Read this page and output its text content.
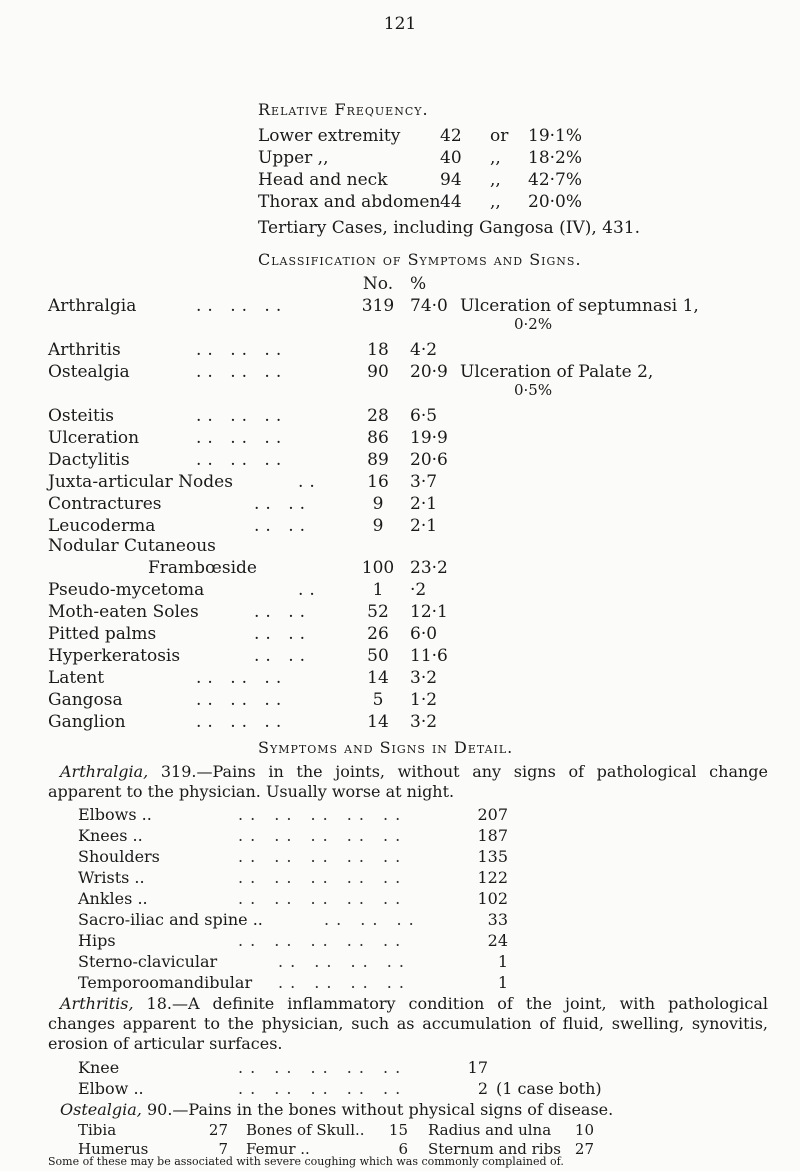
121
Relative Frequency.
Lower extremity 42	or 19·1%
Upper ,,	40	,, 18·2%
Head and neck	94	,, 42·7%
Thorax and abdomen 44	,, 20·0%
Tertiary Cases, including Gangosa (IV), 431.
Classification of Symptoms and Signs.
No. %
Arthralgia	.. .. ..	319 74·0 Ulceration of septumnasi 1,
0·2%
Arthritis	.. .. ..	18	4·2
Ostealgia	.. .. ..	90	20·9 Ulceration of Palate 2,
0·5%
Osteitis	.. .. ..	28	6·5
Ulceration	.. .. ..	86	19·9
Dactylitis	.. .. ..	89	20·6
Juxta-articular Nodes	..	16	3·7
Contractures	.. ..	9	2·1
Leucoderma	.. ..	9	2·1
Nodular Cutaneous
Frambœside	100 23·2
Pseudo-mycetoma	..	1	·2
Moth-eaten Soles	.. ..	52	12·1
Pitted palms	.. ..	26	6·0
Hyperkeratosis	.. ..	50	11·6
Latent	.. .. ..	14	3·2
Gangosa	.. .. ..	5	1·2
Ganglion	.. .. ..	14	3·2
Symptoms and Signs in Detail.
Arthralgia, 319.—Pains in the joints, without any signs of pathological change apparent to the physician. Usually worse at night.
Elbows ..	.. .. .. .. ..	207
Knees ..	.. .. .. .. ..	187
Shoulders	.. .. .. .. ..	135
Wrists ..	.. .. .. .. ..	122
Ankles ..	.. .. .. .. ..	102
Sacro-iliac and spine ..	.. .. ..	33
Hips	.. .. .. .. ..	24
Sterno-clavicular	.. .. .. ..	1
Temporoomandibular .. .. .. ..	1
Arthritis, 18.—A definite inflammatory condition of the joint, with pathological changes apparent to the physician, such as accumulation of fluid, swelling, synovitis, erosion of articular surfaces.
Knee	.. .. .. .. ..	17
Elbow ..	.. .. .. .. ..	2 (1 case both)
Ostealgia, 90.—Pains in the bones without physical signs of disease.
Tibia	27 Bones of Skull..	15 Radius and ulna	10
Humerus	7 Femur ..	6 Sternum and ribs 27
Some of these may be associated with severe coughing which was commonly complained of.
